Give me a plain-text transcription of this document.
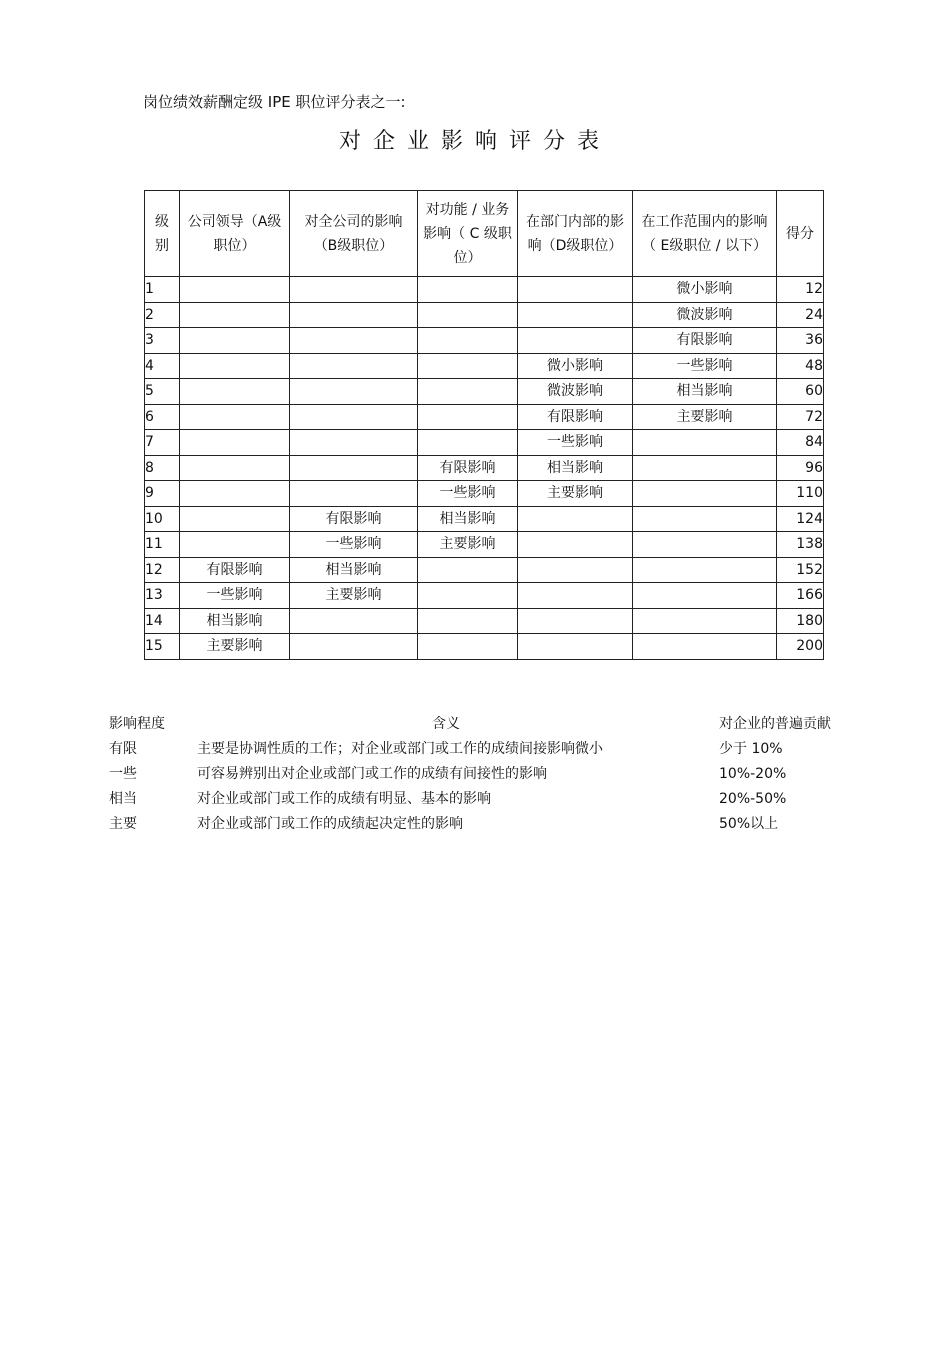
岗位绩效薪酬定级 IPE 职位评分表之一:
对企业影响评分表
级别	公司领导（A级职位）	对全公司的影响（B级职位）	对功能 / 业务影响（ C 级职位）	在部门内部的影响（D级职位）	在工作范围内的影响（ E级职位 / 以下）	得分

1					微小影响	12
2					微波影响	24
3					有限影响	36
4				微小影响	一些影响	48
5				微波影响	相当影响	60
6				有限影响	主要影响	72
7				一些影响		84
8			有限影响	相当影响		96
9			一些影响	主要影响		110
10		有限影响	相当影响			124
11		一些影响	主要影响			138
12	有限影响	相当影响				152
13	一些影响	主要影响				166
14	相当影响					180
15	主要影响					200
影响程度	含义	对企业的普遍贡献
有限	主要是协调性质的工作；对企业或部门或工作的成绩间接影响微小	少于 10%
一些	可容易辨别出对企业或部门或工作的成绩有间接性的影响	10%-20%
相当	对企业或部门或工作的成绩有明显、基本的影响	20%-50%
主要	对企业或部门或工作的成绩起决定性的影响	50%以上
